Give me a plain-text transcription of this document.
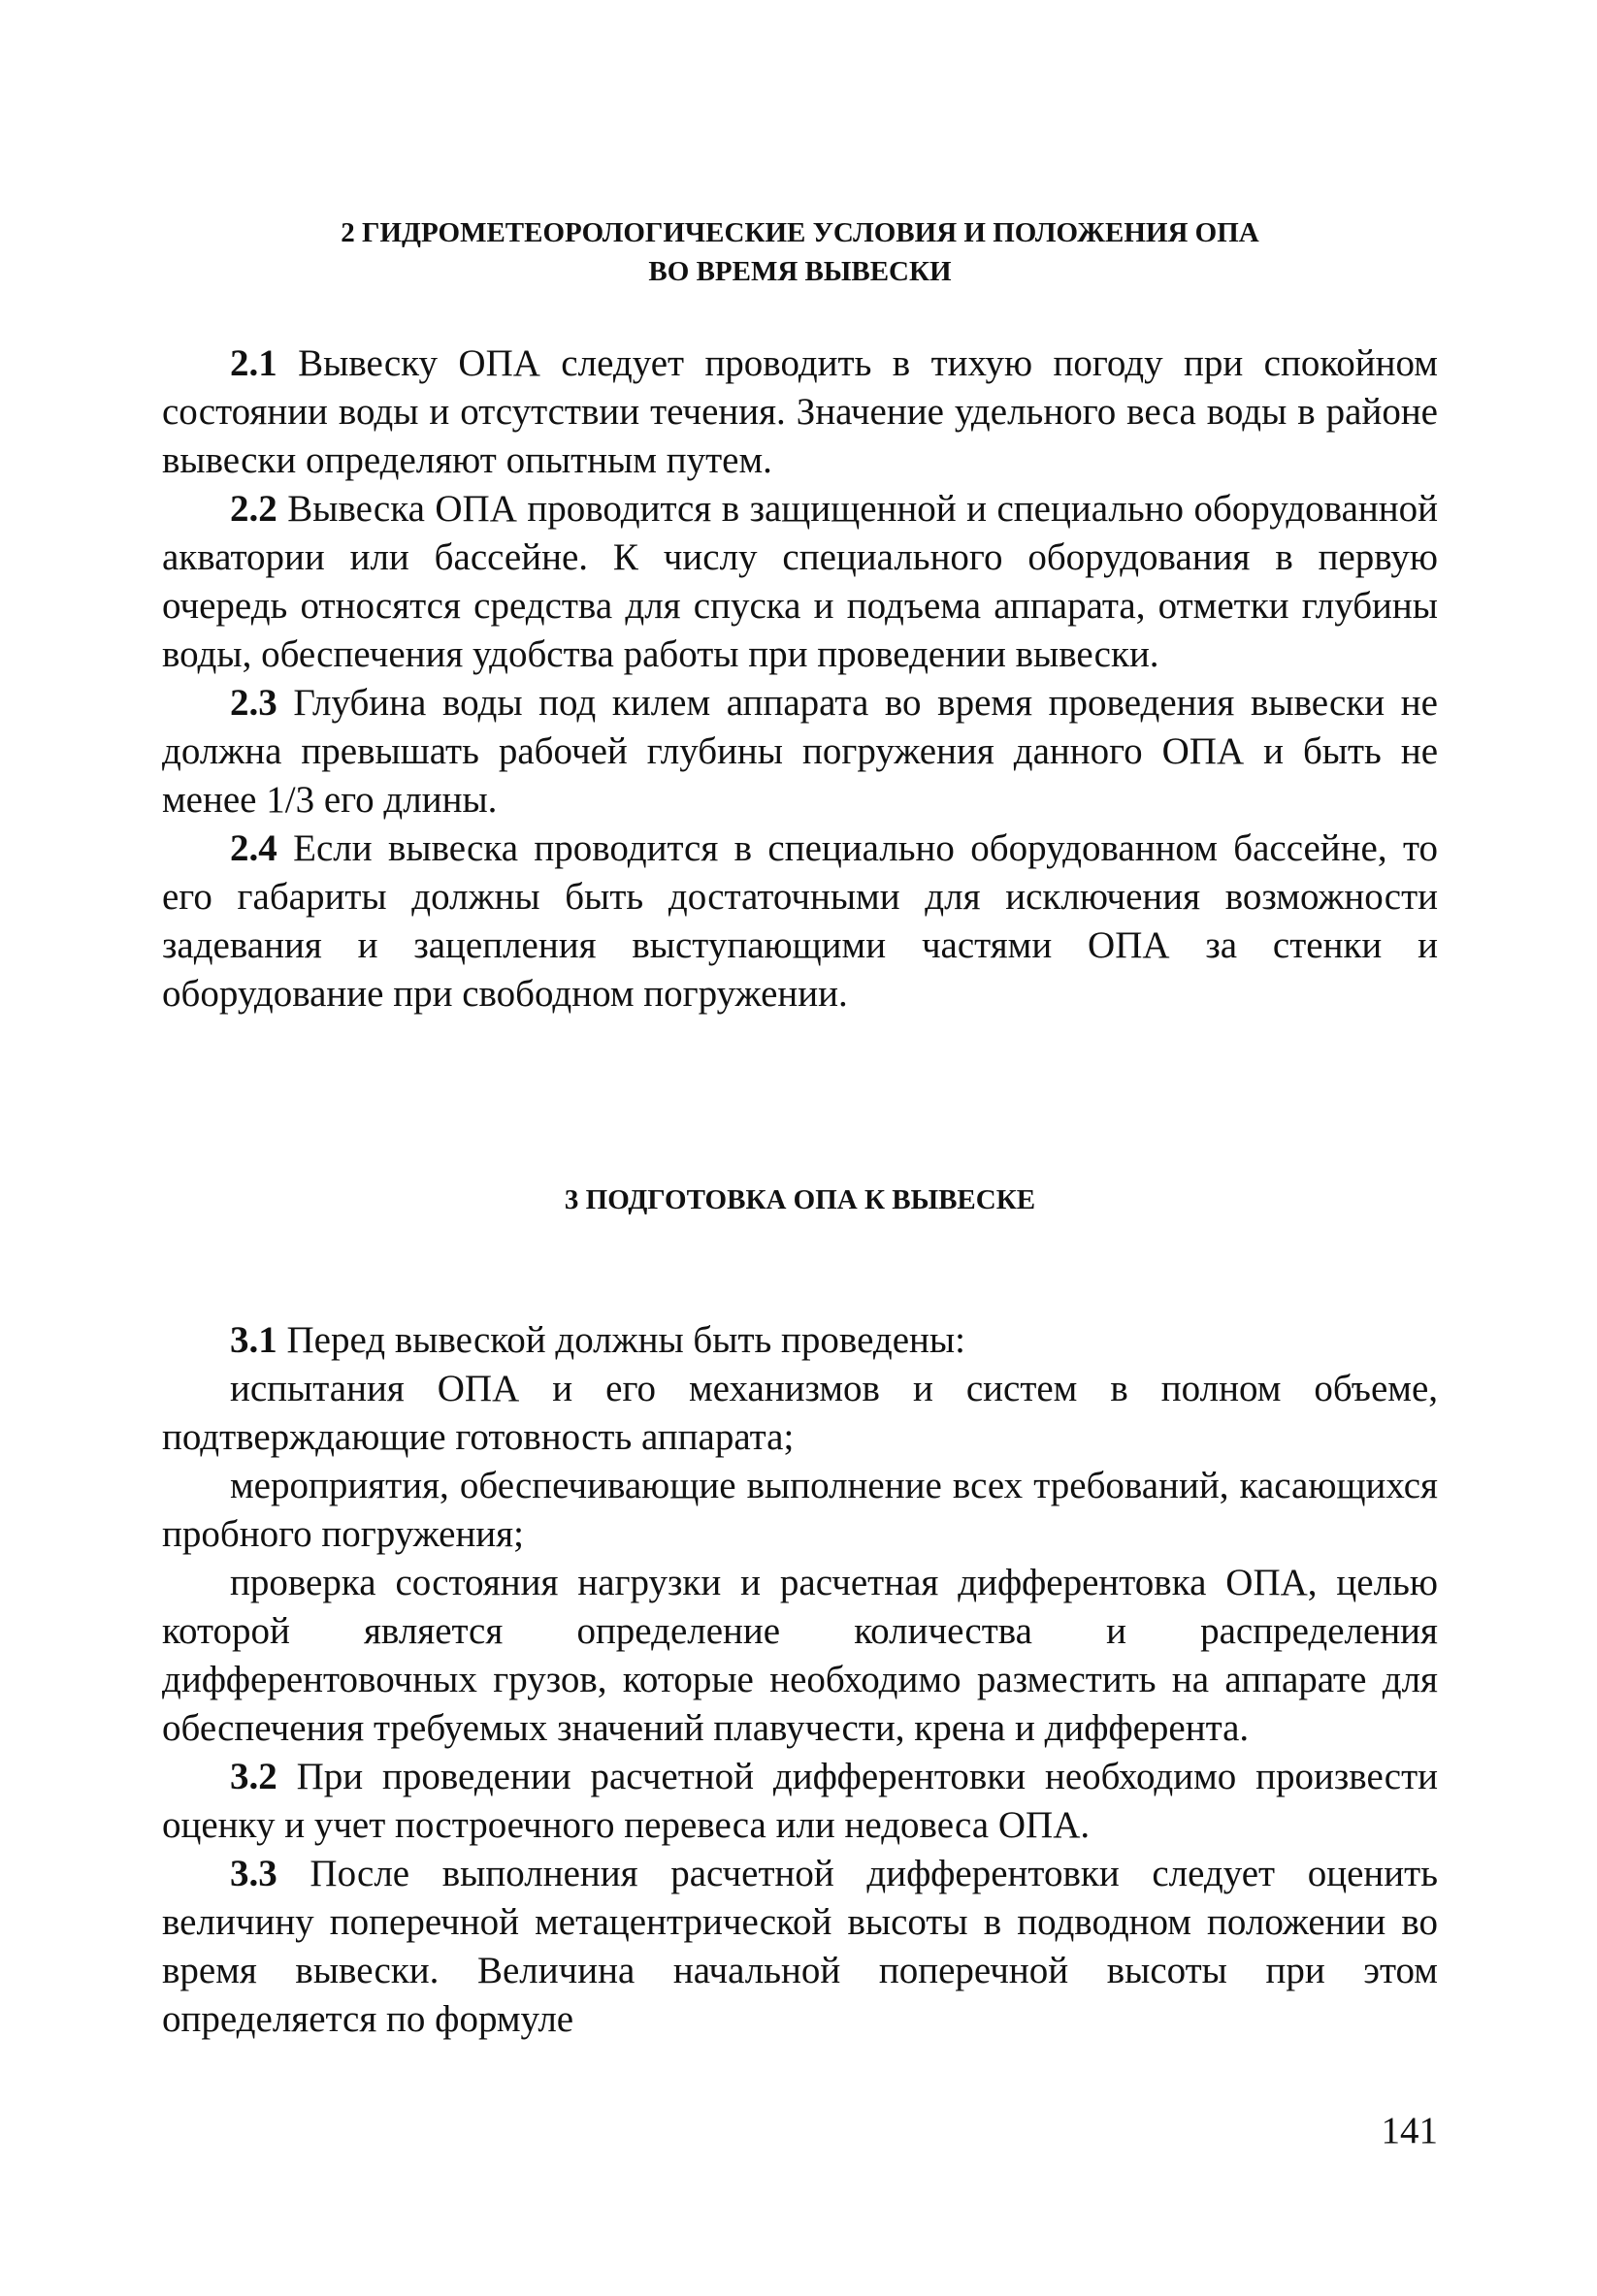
2 ГИДРОМЕТЕОРОЛОГИЧЕСКИЕ УСЛОВИЯ И ПОЛОЖЕНИЯ ОПА
ВО ВРЕМЯ ВЫВЕСКИ

2.1 Вывеску ОПА следует проводить в тихую погоду при спокойном состоянии воды и отсутствии течения. Значение удельного веса воды в районе вывески определяют опытным путем.

2.2 Вывеска ОПА проводится в защищенной и специально оборудованной акватории или бассейне. К числу специального оборудования в первую очередь относятся средства для спуска и подъема аппарата, отметки глубины воды, обеспечения удобства работы при проведении вывески.

2.3 Глубина воды под килем аппарата во время проведения вывески не должна превышать рабочей глубины погружения данного ОПА и быть не менее 1/3 его длины.

2.4 Если вывеска проводится в специально оборудованном бассейне, то его габариты должны быть достаточными для исключения возможности задевания и зацепления выступающими частями ОПА за стенки и оборудование при свободном погружении.

3 ПОДГОТОВКА ОПА К ВЫВЕСКЕ

3.1 Перед вывеской должны быть проведены:

испытания ОПА и его механизмов и систем в полном объеме, подтверждающие готовность аппарата;

мероприятия, обеспечивающие выполнение всех требований, касающихся пробного погружения;

проверка состояния нагрузки и расчетная дифферентовка ОПА, целью которой является определение количества и распределения дифферентовочных грузов, которые необходимо разместить на аппарате для обеспечения требуемых значений плавучести, крена и дифферента.

3.2 При проведении расчетной дифферентовки необходимо произвести оценку и учет построечного перевеса или недовеса ОПА.

3.3 После выполнения расчетной дифферентовки следует оценить величину поперечной метацентрической высоты в подводном положении во время вывески. Величина начальной поперечной высоты при этом определяется по формуле

141
